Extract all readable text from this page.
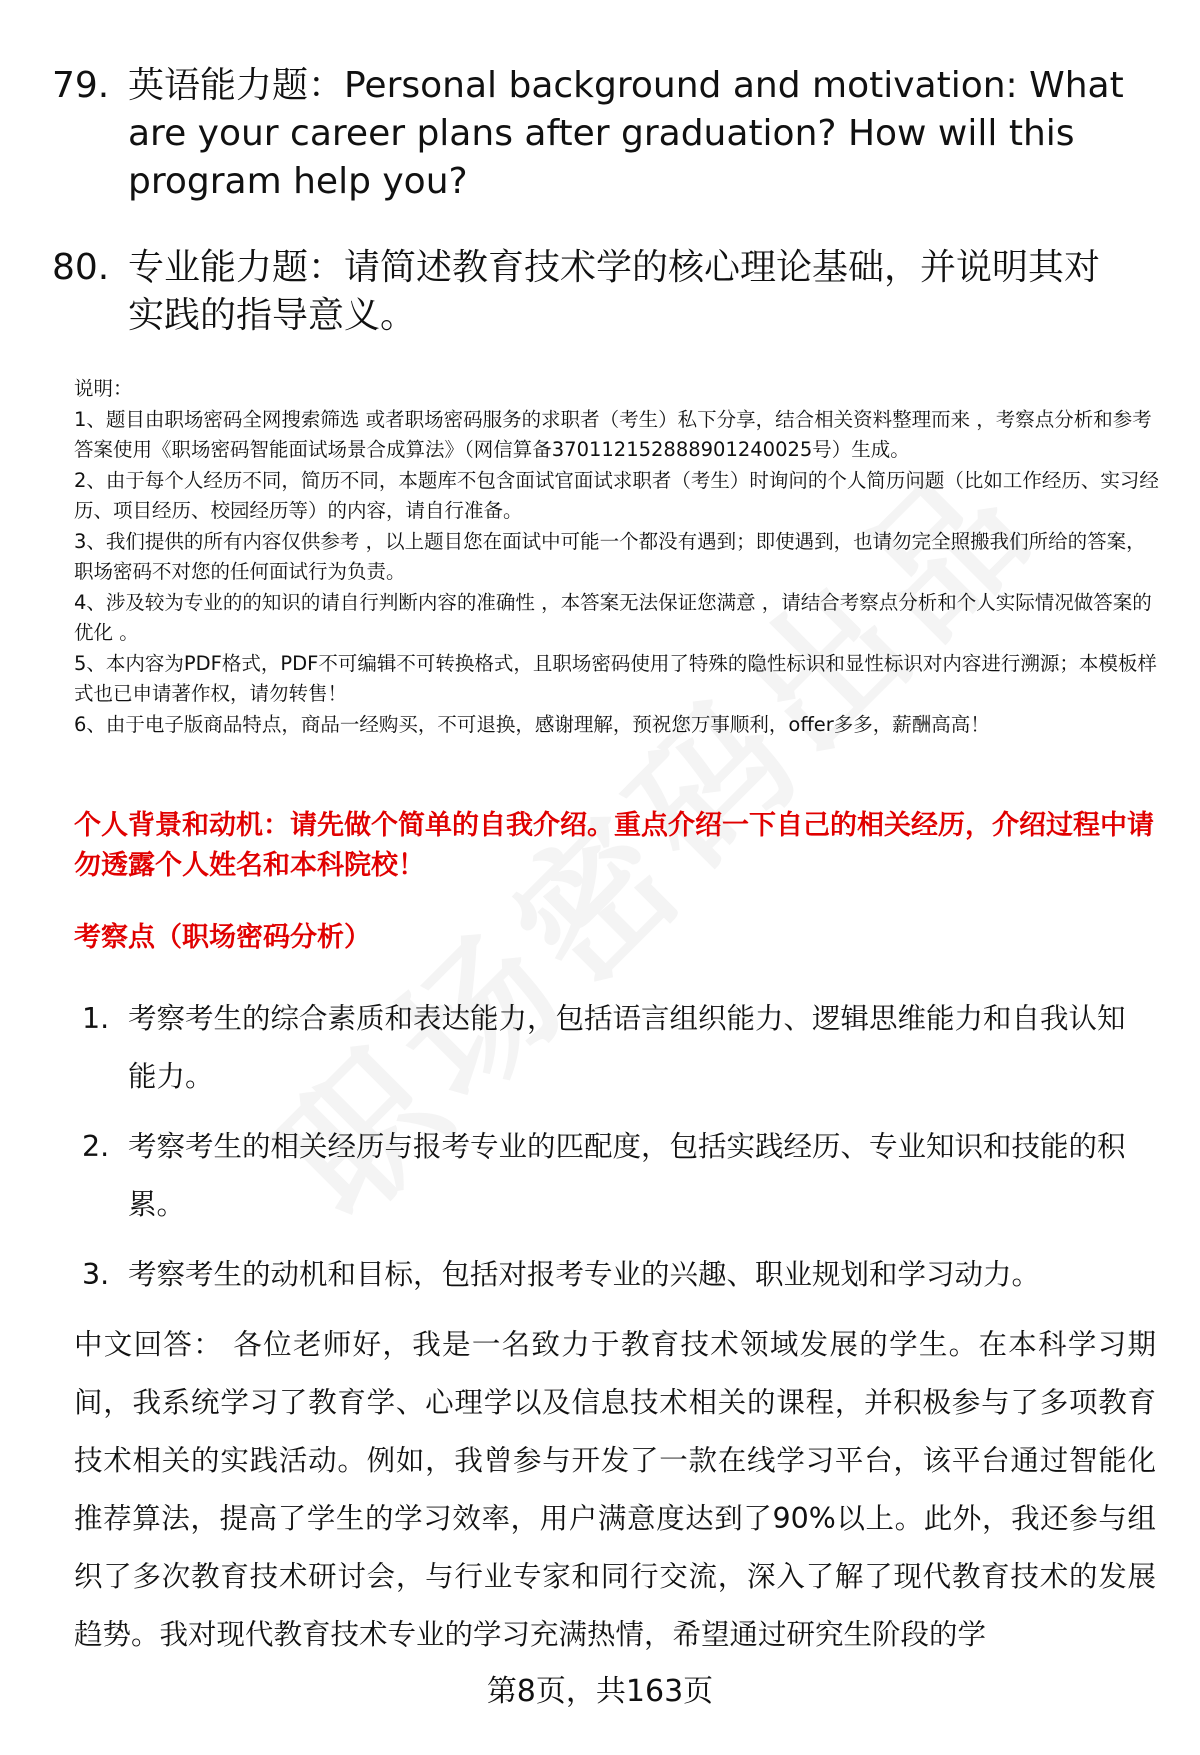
79. 英语能力题：Personal background and motivation: What are your career plans after graduation? How will this program help you?
80. 专业能力题：请简述教育技术学的核心理论基础，并说明其对实践的指导意义。

说明：

1、题目由职场密码全网搜索筛选 或者职场密码服务的求职者（考生）私下分享，结合相关资料整理而来 ，考察点分析和参考答案使用《职场密码智能面试场景合成算法》（网信算备370112152888901240025号）生成。

2、由于每个人经历不同，简历不同，本题库不包含面试官面试求职者（考生）时询问的个人简历问题（比如工作经历、实习经历、项目经历、校园经历等）的内容，请自行准备。

3、我们提供的所有内容仅供参考 ，以上题目您在面试中可能一个都没有遇到；即使遇到，也请勿完全照搬我们所给的答案，职场密码不对您的任何面试行为负责。

4、涉及较为专业的的知识的请自行判断内容的准确性 ，本答案无法保证您满意 ，请结合考察点分析和个人实际情况做答案的优化 。

5、本内容为PDF格式，PDF不可编辑不可转换格式，且职场密码使用了特殊的隐性标识和显性标识对内容进行溯源；本模板样式也已申请著作权，请勿转售！

6、由于电子版商品特点，商品一经购买，不可退换，感谢理解，预祝您万事顺利，offer多多，薪酬高高！

个人背景和动机：请先做个简单的自我介绍。重点介绍一下自己的相关经历，介绍过程中请勿透露个人姓名和本科院校！
考察点（职场密码分析）
1. 考察考生的综合素质和表达能力，包括语言组织能力、逻辑思维能力和自我认知能力。
2. 考察考生的相关经历与报考专业的匹配度，包括实践经历、专业知识和技能的积累。
3. 考察考生的动机和目标，包括对报考专业的兴趣、职业规划和学习动力。
中文回答： 各位老师好，我是一名致力于教育技术领域发展的学生。在本科学习期间，我系统学习了教育学、心理学以及信息技术相关的课程，并积极参与了多项教育技术相关的实践活动。例如，我曾参与开发了一款在线学习平台，该平台通过智能化推荐算法，提高了学生的学习效率，用户满意度达到了90%以上。此外，我还参与组织了多次教育技术研讨会，与行业专家和同行交流，深入了解了现代教育技术的发展趋势。我对现代教育技术专业的学习充满热情，希望通过研究生阶段的学
第8页，共163页
